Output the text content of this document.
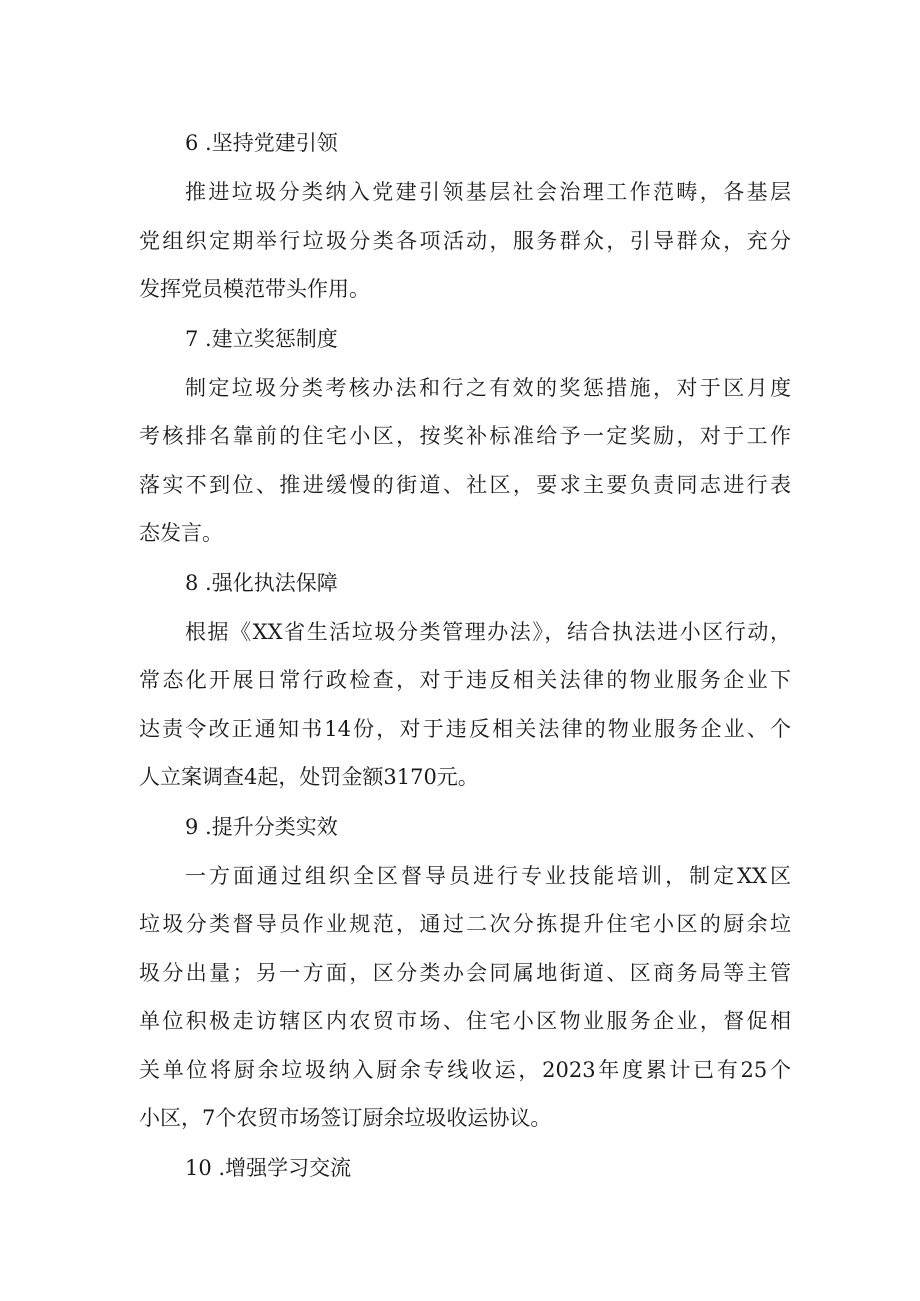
6 .坚持党建引领

推进垃圾分类纳入党建引领基层社会治理工作范畴，各基层
党组织定期举行垃圾分类各项活动，服务群众，引导群众，充分
发挥党员模范带头作用。

7 .建立奖惩制度

制定垃圾分类考核办法和行之有效的奖惩措施，对于区月度
考核排名靠前的住宅小区，按奖补标准给予一定奖励，对于工作
落实不到位、推进缓慢的街道、社区，要求主要负责同志进行表
态发言。

8 .强化执法保障

根据《XX省生活垃圾分类管理办法》，结合执法进小区行动，
常态化开展日常行政检查，对于违反相关法律的物业服务企业下
达责令改正通知书14份，对于违反相关法律的物业服务企业、个
人立案调查4起，处罚金额3170元。

9 .提升分类实效

一方面通过组织全区督导员进行专业技能培训，制定XX区
垃圾分类督导员作业规范，通过二次分拣提升住宅小区的厨余垃
圾分出量；另一方面，区分类办会同属地街道、区商务局等主管
单位积极走访辖区内农贸市场、住宅小区物业服务企业，督促相
关单位将厨余垃圾纳入厨余专线收运，2023年度累计已有25个
小区，7个农贸市场签订厨余垃圾收运协议。

10 .增强学习交流
